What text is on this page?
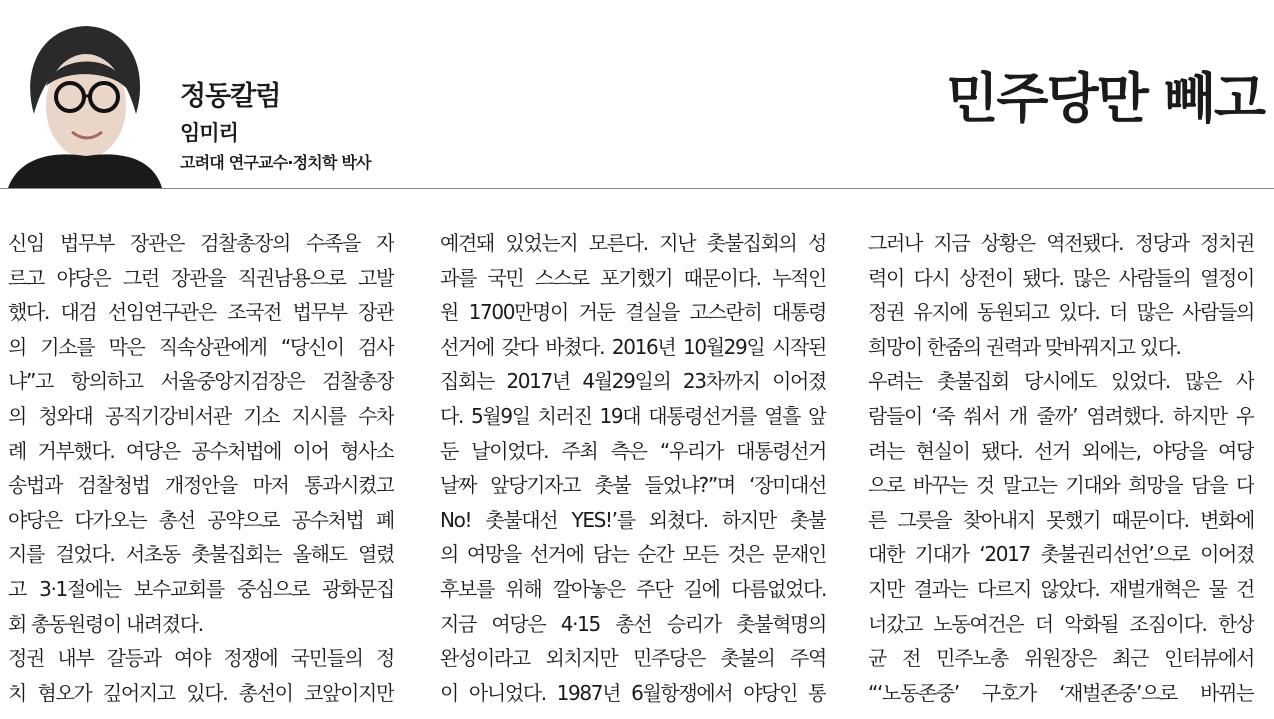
정동칼럼
임미리
고려대 연구교수·정치학 박사
민주당만 빼고
신임 법무부 장관은 검찰총장의 수족을 자
르고 야당은 그런 장관을 직권남용으로 고발
했다. 대검 선임연구관은 조국전 법무부 장관
의 기소를 막은 직속상관에게 “당신이 검사
냐”고 항의하고 서울중앙지검장은 검찰총장
의 청와대 공직기강비서관 기소 지시를 수차
례 거부했다. 여당은 공수처법에 이어 형사소
송법과 검찰청법 개정안을 마저 통과시켰고
야당은 다가오는 총선 공약으로 공수처법 폐
지를 걸었다. 서초동 촛불집회는 올해도 열렸
고 3·1절에는 보수교회를 중심으로 광화문집
회 총동원령이 내려졌다.
정권 내부 갈등과 여야 정쟁에 국민들의 정
치 혐오가 깊어지고 있다. 총선이 코앞이지만
예견돼 있었는지 모른다. 지난 촛불집회의 성
과를 국민 스스로 포기했기 때문이다. 누적인
원 1700만명이 거둔 결실을 고스란히 대통령
선거에 갖다 바쳤다. 2016년 10월29일 시작된
집회는 2017년 4월29일의 23차까지 이어졌
다. 5월9일 치러진 19대 대통령선거를 열흘 앞
둔 날이었다. 주최 측은 “우리가 대통령선거
날짜 앞당기자고 촛불 들었냐?”며 ‘장미대선
No! 촛불대선 YES!’를 외쳤다. 하지만 촛불
의 여망을 선거에 담는 순간 모든 것은 문재인
후보를 위해 깔아놓은 주단 길에 다름없었다.
지금 여당은 4·15 총선 승리가 촛불혁명의
완성이라고 외치지만 민주당은 촛불의 주역
이 아니었다. 1987년 6월항쟁에서 야당인 통
그러나 지금 상황은 역전됐다. 정당과 정치권
력이 다시 상전이 됐다. 많은 사람들의 열정이
정권 유지에 동원되고 있다. 더 많은 사람들의
희망이 한줌의 권력과 맞바꿔지고 있다.
우려는 촛불집회 당시에도 있었다. 많은 사
람들이 ‘죽 쒀서 개 줄까’ 염려했다. 하지만 우
려는 현실이 됐다. 선거 외에는, 야당을 여당
으로 바꾸는 것 말고는 기대와 희망을 담을 다
른 그릇을 찾아내지 못했기 때문이다. 변화에
대한 기대가 ‘2017 촛불권리선언’으로 이어졌
지만 결과는 다르지 않았다. 재벌개혁은 물 건
너갔고 노동여건은 더 악화될 조짐이다. 한상
균 전 민주노총 위원장은 최근 인터뷰에서
“‘노동존중’ 구호가 ‘재벌존중’으로 바뀌는
